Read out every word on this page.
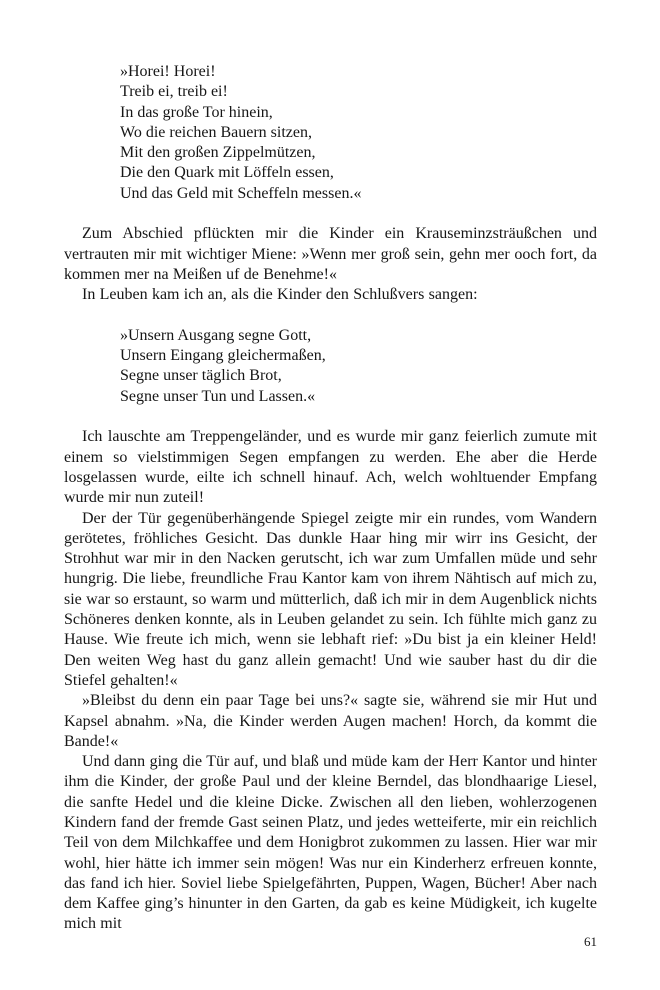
»Horei! Horei!
Treib ei, treib ei!
In das große Tor hinein,
Wo die reichen Bauern sitzen,
Mit den großen Zippelmützen,
Die den Quark mit Löffeln essen,
Und das Geld mit Scheffeln messen.«

Zum Abschied pflückten mir die Kinder ein Krauseminzsträußchen und vertrauten mir mit wichtiger Miene: »Wenn mer groß sein, gehn mer ooch fort, da kommen mer na Meißen uf de Benehme!«

In Leuben kam ich an, als die Kinder den Schlußvers sangen:

»Unsern Ausgang segne Gott,
Unsern Eingang gleichermaßen,
Segne unser täglich Brot,
Segne unser Tun und Lassen.«

Ich lauschte am Treppengeländer, und es wurde mir ganz feierlich zumute mit einem so vielstimmigen Segen empfangen zu werden. Ehe aber die Herde losgelassen wurde, eilte ich schnell hinauf. Ach, welch wohltuender Empfang wurde mir nun zuteil!

Der der Tür gegenüberhängende Spiegel zeigte mir ein rundes, vom Wandern gerötetes, fröhliches Gesicht. Das dunkle Haar hing mir wirr ins Gesicht, der Strohhut war mir in den Nacken gerutscht, ich war zum Umfallen müde und sehr hungrig. Die liebe, freundliche Frau Kantor kam von ihrem Nähtisch auf mich zu, sie war so erstaunt, so warm und mütterlich, daß ich mir in dem Augenblick nichts Schöneres denken konnte, als in Leuben gelandet zu sein. Ich fühlte mich ganz zu Hause. Wie freute ich mich, wenn sie lebhaft rief: »Du bist ja ein kleiner Held! Den weiten Weg hast du ganz allein gemacht! Und wie sauber hast du dir die Stiefel gehalten!«

»Bleibst du denn ein paar Tage bei uns?« sagte sie, während sie mir Hut und Kapsel abnahm. »Na, die Kinder werden Augen machen! Horch, da kommt die Bande!«

Und dann ging die Tür auf, und blaß und müde kam der Herr Kantor und hinter ihm die Kinder, der große Paul und der kleine Berndel, das blondhaarige Liesel, die sanfte Hedel und die kleine Dicke. Zwischen all den lieben, wohlerzogenen Kindern fand der fremde Gast seinen Platz, und jedes wetteiferte, mir ein reichlich Teil von dem Milchkaffee und dem Honigbrot zukommen zu lassen. Hier war mir wohl, hier hätte ich immer sein mögen! Was nur ein Kinderherz erfreuen konnte, das fand ich hier. Soviel liebe Spielgefährten, Puppen, Wagen, Bücher! Aber nach dem Kaffee ging’s hinunter in den Garten, da gab es keine Müdigkeit, ich kugelte mich mit

61
